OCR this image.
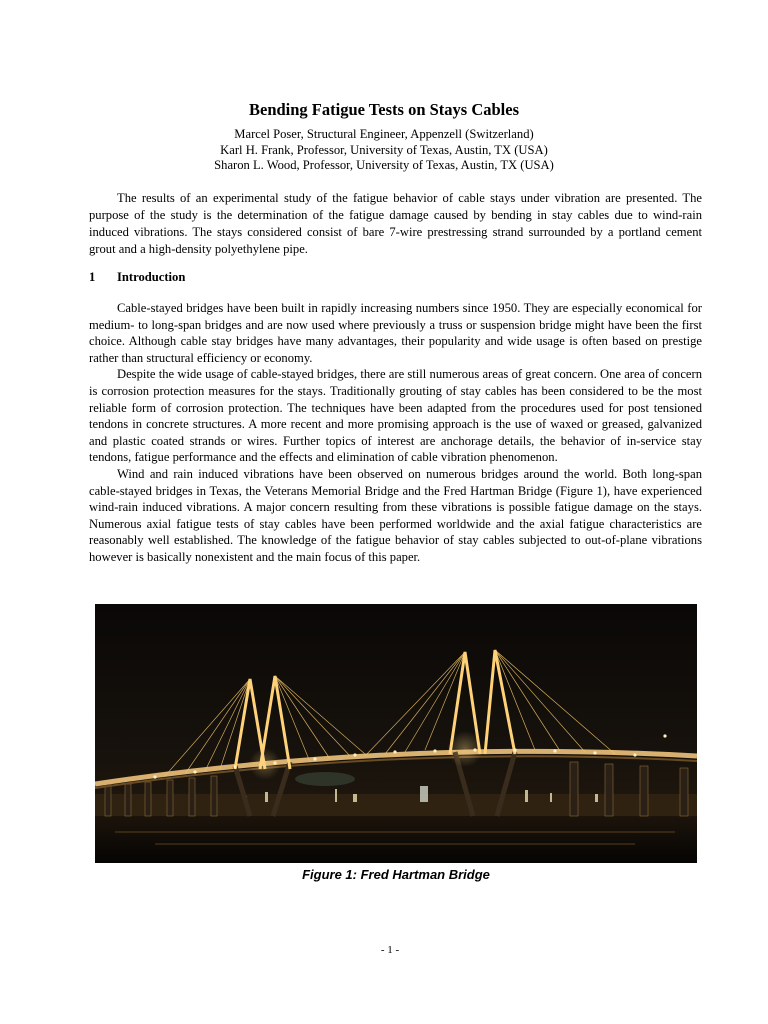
Bending Fatigue Tests on Stays Cables
Marcel Poser, Structural Engineer, Appenzell (Switzerland)
Karl H. Frank, Professor, University of Texas, Austin, TX (USA)
Sharon L. Wood, Professor, University of Texas, Austin, TX (USA)

The results of an experimental study of the fatigue behavior of cable stays under vibration are presented. The purpose of the study is the determination of the fatigue damage caused by bending in stay cables due to wind-rain induced vibrations. The stays considered consist of bare 7-wire prestressing strand surrounded by a portland cement grout and a high-density polyethylene pipe.

1 Introduction

Cable-stayed bridges have been built in rapidly increasing numbers since 1950. They are especially economical for medium- to long-span bridges and are now used where previously a truss or suspension bridge might have been the first choice. Although cable stay bridges have many advantages, their popularity and wide usage is often based on prestige rather than structural efficiency or economy.

Despite the wide usage of cable-stayed bridges, there are still numerous areas of great concern. One area of concern is corrosion protection measures for the stays. Traditionally grouting of stay cables has been considered to be the most reliable form of corrosion protection. The techniques have been adapted from the procedures used for post tensioned tendons in concrete structures. A more recent and more promising approach is the use of waxed or greased, galvanized and plastic coated strands or wires. Further topics of interest are anchorage details, the behavior of in-service stay tendons, fatigue performance and the effects and elimination of cable vibration phenomenon.

Wind and rain induced vibrations have been observed on numerous bridges around the world. Both long-span cable-stayed bridges in Texas, the Veterans Memorial Bridge and the Fred Hartman Bridge (Figure 1), have experienced wind-rain induced vibrations. A major concern resulting from these vibrations is possible fatigue damage on the stays. Numerous axial fatigue tests of stay cables have been performed worldwide and the axial fatigue characteristics are reasonably well established. The knowledge of the fatigue behavior of stay cables subjected to out-of-plane vibrations however is basically nonexistent and the main focus of this paper.

Figure 1: Fred Hartman Bridge
- 1 -
